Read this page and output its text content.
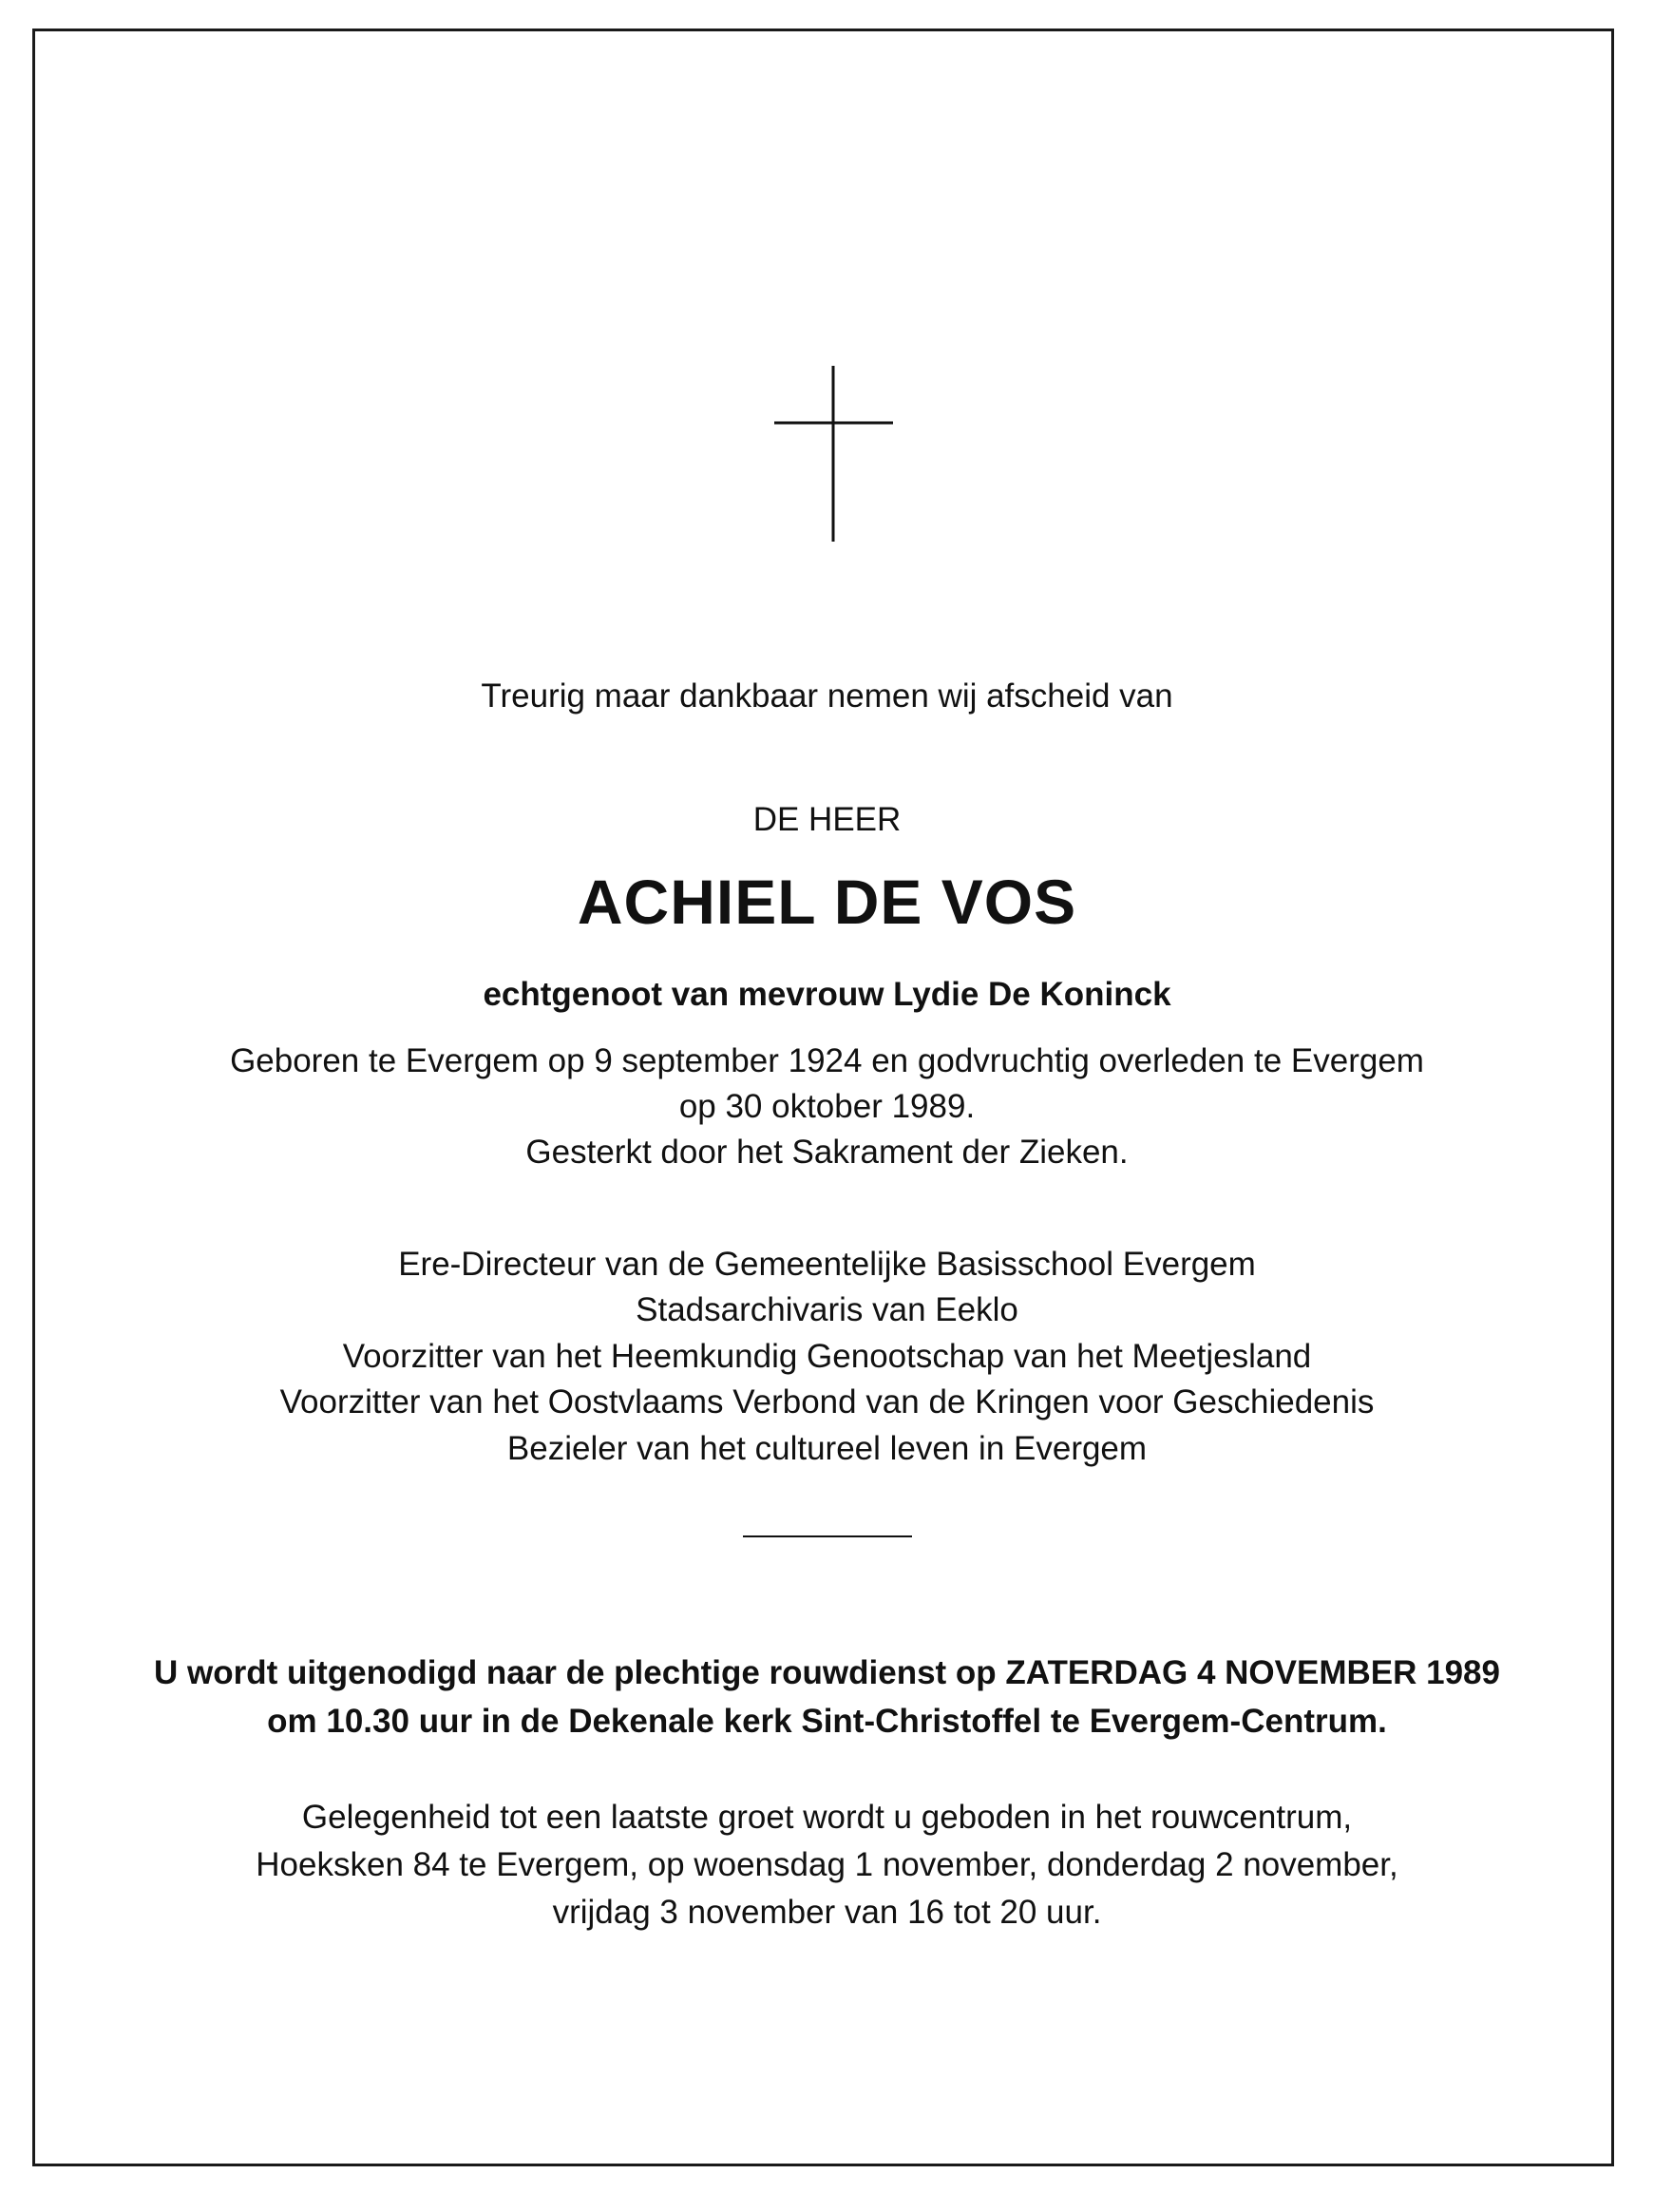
Treurig maar dankbaar nemen wij afscheid van
DE HEER
ACHIEL DE VOS
echtgenoot van mevrouw Lydie De Koninck
Geboren te Evergem op 9 september 1924 en godvruchtig overleden te Evergem
op 30 oktober 1989.
Gesterkt door het Sakrament der Zieken.
Ere-Directeur van de Gemeentelijke Basisschool Evergem
Stadsarchivaris van Eeklo
Voorzitter van het Heemkundig Genootschap van het Meetjesland
Voorzitter van het Oostvlaams Verbond van de Kringen voor Geschiedenis
Bezieler van het cultureel leven in Evergem
U wordt uitgenodigd naar de plechtige rouwdienst op ZATERDAG 4 NOVEMBER 1989
om 10.30 uur in de Dekenale kerk Sint-Christoffel te Evergem-Centrum.
Gelegenheid tot een laatste groet wordt u geboden in het rouwcentrum,
Hoeksken 84 te Evergem, op woensdag 1 november, donderdag 2 november,
vrijdag 3 november van 16 tot 20 uur.
